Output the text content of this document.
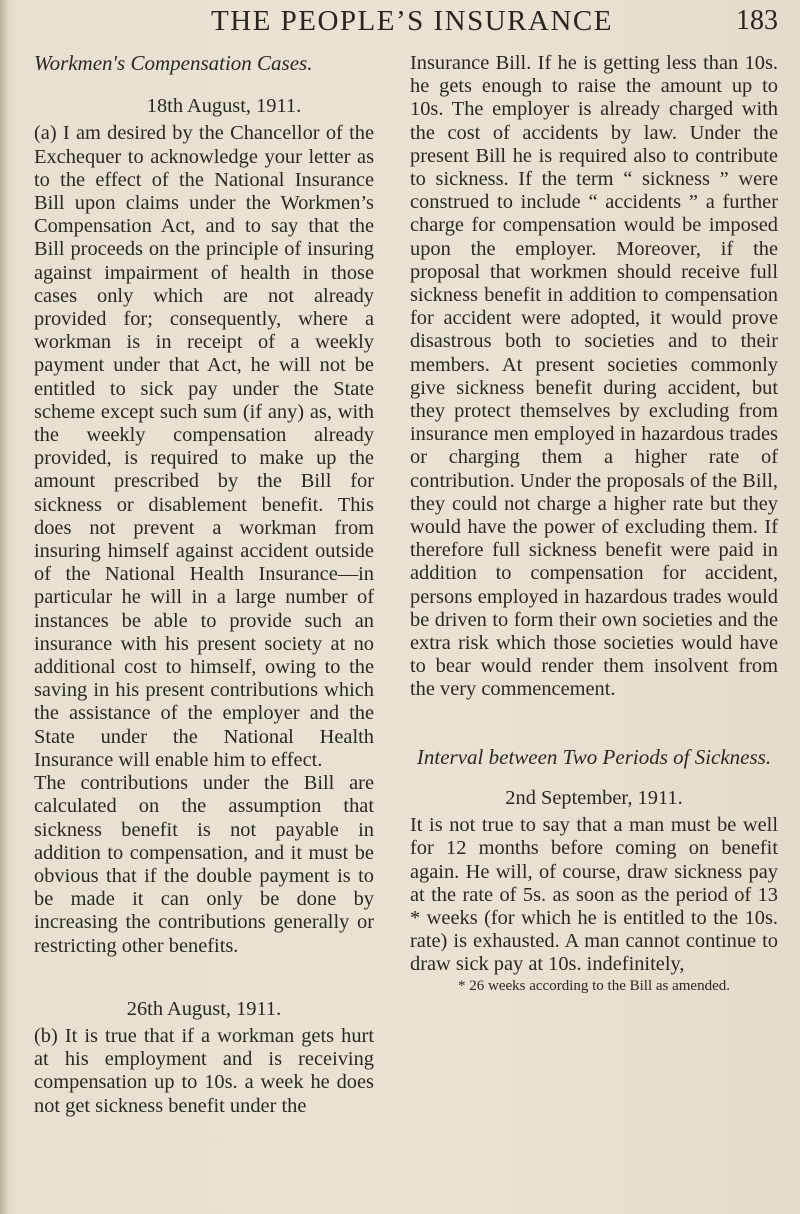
THE PEOPLE’S INSURANCE	183

Workmen's Compensation Cases.

18th August, 1911.

(a) I am desired by the Chancellor of the Exchequer to acknowledge your letter as to the effect of the National Insurance Bill upon claims under the Workmen’s Compensation Act, and to say that the Bill proceeds on the principle of insuring against impairment of health in those cases only which are not already provided for; consequently, where a workman is in receipt of a weekly payment under that Act, he will not be entitled to sick pay under the State scheme except such sum (if any) as, with the weekly compensation already provided, is required to make up the amount prescribed by the Bill for sickness or disablement benefit. This does not prevent a workman from insuring himself against accident outside of the National Health Insurance—in particular he will in a large number of instances be able to provide such an insurance with his present society at no additional cost to himself, owing to the saving in his present contributions which the assistance of the employer and the State under the National Health Insurance will enable him to effect.

The contributions under the Bill are calculated on the assumption that sickness benefit is not payable in addition to compensation, and it must be obvious that if the double payment is to be made it can only be done by increasing the contributions generally or restricting other benefits.

26th August, 1911.

(b) It is true that if a workman gets hurt at his employment and is receiving compensation up to 10s. a week he does not get sickness benefit under the

Insurance Bill. If he is getting less than 10s. he gets enough to raise the amount up to 10s. The employer is already charged with the cost of accidents by law. Under the present Bill he is required also to contribute to sickness. If the term “ sickness ” were construed to include “ accidents ” a further charge for compensation would be imposed upon the employer. Moreover, if the proposal that workmen should receive full sickness benefit in addition to compensation for accident were adopted, it would prove disastrous both to societies and to their members. At present societies commonly give sickness benefit during accident, but they protect themselves by excluding from insurance men employed in hazardous trades or charging them a higher rate of contribution. Under the proposals of the Bill, they could not charge a higher rate but they would have the power of excluding them. If therefore full sickness benefit were paid in addition to compensation for accident, persons employed in hazardous trades would be driven to form their own societies and the extra risk which those societies would have to bear would render them insolvent from the very commencement.

Interval between Two Periods of Sickness.

2nd September, 1911.

It is not true to say that a man must be well for 12 months before coming on benefit again. He will, of course, draw sickness pay at the rate of 5s. as soon as the period of 13 * weeks (for which he is entitled to the 10s. rate) is exhausted. A man cannot continue to draw sick pay at 10s. indefinitely,

* 26 weeks according to the Bill as amended.
